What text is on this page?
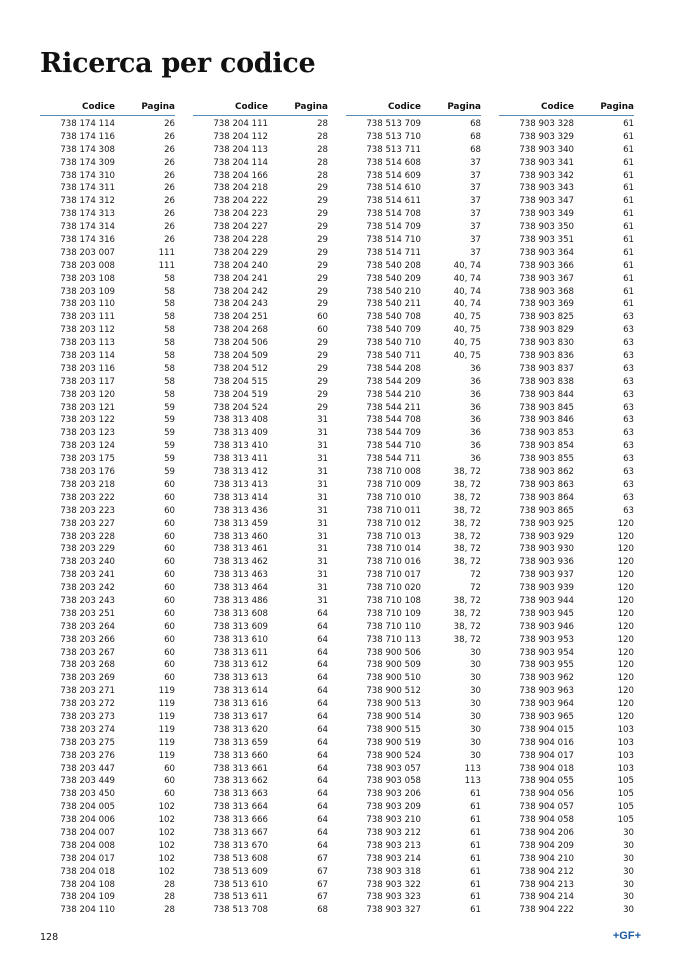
Ricerca per codice
Codice	Pagina
738 174 114	26
738 174 116	26
738 174 308	26
738 174 309	26
738 174 310	26
738 174 311	26
738 174 312	26
738 174 313	26
738 174 314	26
738 174 316	26
738 203 007	111
738 203 008	111
738 203 108	58
738 203 109	58
738 203 110	58
738 203 111	58
738 203 112	58
738 203 113	58
738 203 114	58
738 203 116	58
738 203 117	58
738 203 120	58
738 203 121	59
738 203 122	59
738 203 123	59
738 203 124	59
738 203 175	59
738 203 176	59
738 203 218	60
738 203 222	60
738 203 223	60
738 203 227	60
738 203 228	60
738 203 229	60
738 203 240	60
738 203 241	60
738 203 242	60
738 203 243	60
738 203 251	60
738 203 264	60
738 203 266	60
738 203 267	60
738 203 268	60
738 203 269	60
738 203 271	119
738 203 272	119
738 203 273	119
738 203 274	119
738 203 275	119
738 203 276	119
738 203 447	60
738 203 449	60
738 203 450	60
738 204 005	102
738 204 006	102
738 204 007	102
738 204 008	102
738 204 017	102
738 204 018	102
738 204 108	28
738 204 109	28
738 204 110	28
Codice	Pagina
738 204 111	28
738 204 112	28
738 204 113	28
738 204 114	28
738 204 166	28
738 204 218	29
738 204 222	29
738 204 223	29
738 204 227	29
738 204 228	29
738 204 229	29
738 204 240	29
738 204 241	29
738 204 242	29
738 204 243	29
738 204 251	60
738 204 268	60
738 204 506	29
738 204 509	29
738 204 512	29
738 204 515	29
738 204 519	29
738 204 524	29
738 313 408	31
738 313 409	31
738 313 410	31
738 313 411	31
738 313 412	31
738 313 413	31
738 313 414	31
738 313 436	31
738 313 459	31
738 313 460	31
738 313 461	31
738 313 462	31
738 313 463	31
738 313 464	31
738 313 486	31
738 313 608	64
738 313 609	64
738 313 610	64
738 313 611	64
738 313 612	64
738 313 613	64
738 313 614	64
738 313 616	64
738 313 617	64
738 313 620	64
738 313 659	64
738 313 660	64
738 313 661	64
738 313 662	64
738 313 663	64
738 313 664	64
738 313 666	64
738 313 667	64
738 313 670	64
738 513 608	67
738 513 609	67
738 513 610	67
738 513 611	67
738 513 708	68
Codice	Pagina
738 513 709	68
738 513 710	68
738 513 711	68
738 514 608	37
738 514 609	37
738 514 610	37
738 514 611	37
738 514 708	37
738 514 709	37
738 514 710	37
738 514 711	37
738 540 208	40, 74
738 540 209	40, 74
738 540 210	40, 74
738 540 211	40, 74
738 540 708	40, 75
738 540 709	40, 75
738 540 710	40, 75
738 540 711	40, 75
738 544 208	36
738 544 209	36
738 544 210	36
738 544 211	36
738 544 708	36
738 544 709	36
738 544 710	36
738 544 711	36
738 710 008	38, 72
738 710 009	38, 72
738 710 010	38, 72
738 710 011	38, 72
738 710 012	38, 72
738 710 013	38, 72
738 710 014	38, 72
738 710 016	38, 72
738 710 017	72
738 710 020	72
738 710 108	38, 72
738 710 109	38, 72
738 710 110	38, 72
738 710 113	38, 72
738 900 506	30
738 900 509	30
738 900 510	30
738 900 512	30
738 900 513	30
738 900 514	30
738 900 515	30
738 900 519	30
738 900 524	30
738 903 057	113
738 903 058	113
738 903 206	61
738 903 209	61
738 903 210	61
738 903 212	61
738 903 213	61
738 903 214	61
738 903 318	61
738 903 322	61
738 903 323	61
738 903 327	61
Codice	Pagina
738 903 328	61
738 903 329	61
738 903 340	61
738 903 341	61
738 903 342	61
738 903 343	61
738 903 347	61
738 903 349	61
738 903 350	61
738 903 351	61
738 903 364	61
738 903 366	61
738 903 367	61
738 903 368	61
738 903 369	61
738 903 825	63
738 903 829	63
738 903 830	63
738 903 836	63
738 903 837	63
738 903 838	63
738 903 844	63
738 903 845	63
738 903 846	63
738 903 853	63
738 903 854	63
738 903 855	63
738 903 862	63
738 903 863	63
738 903 864	63
738 903 865	63
738 903 925	120
738 903 929	120
738 903 930	120
738 903 936	120
738 903 937	120
738 903 939	120
738 903 944	120
738 903 945	120
738 903 946	120
738 903 953	120
738 903 954	120
738 903 955	120
738 903 962	120
738 903 963	120
738 903 964	120
738 903 965	120
738 904 015	103
738 904 016	103
738 904 017	103
738 904 018	103
738 904 055	105
738 904 056	105
738 904 057	105
738 904 058	105
738 904 206	30
738 904 209	30
738 904 210	30
738 904 212	30
738 904 213	30
738 904 214	30
738 904 222	30
128	+GF+
